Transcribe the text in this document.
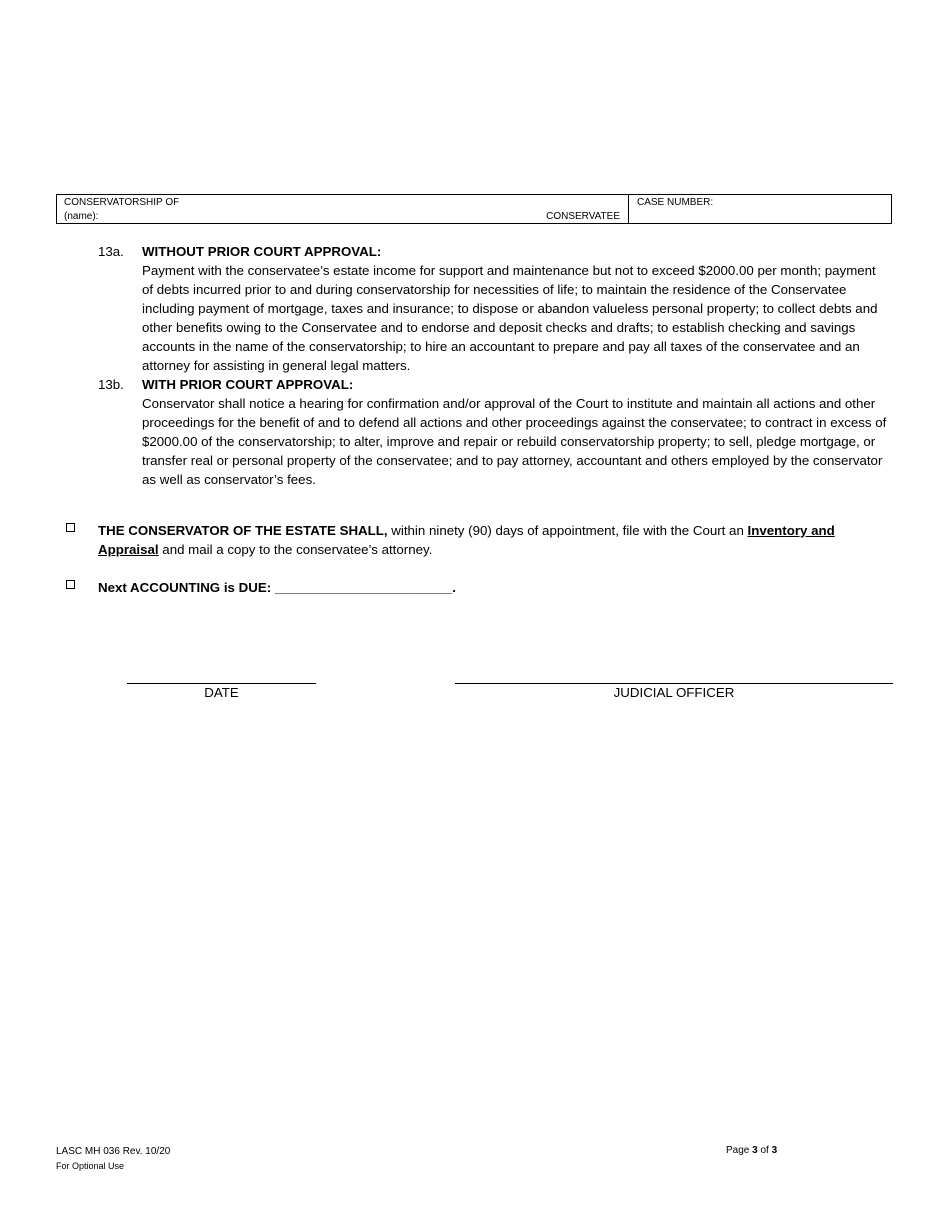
CONSERVATORSHIP OF
(name):	CONSERVATEE
CASE NUMBER:
13a. WITHOUT PRIOR COURT APPROVAL:
Payment with the conservatee’s estate income for support and maintenance but not to exceed $2000.00 per month; payment of debts incurred prior to and during conservatorship for necessities of life; to maintain the residence of the Conservatee including payment of mortgage, taxes and insurance; to dispose or abandon valueless personal property; to collect debts and other benefits owing to the Conservatee and to endorse and deposit checks and drafts; to establish checking and savings accounts in the name of the conservatorship; to hire an accountant to prepare and pay all taxes of the conservatee and an attorney for assisting in general legal matters.
13b. WITH PRIOR COURT APPROVAL:
Conservator shall notice a hearing for confirmation and/or approval of the Court to institute and maintain all actions and other proceedings for the benefit of and to defend all actions and other proceedings against the conservatee; to contract in excess of $2000.00 of the conservatorship; to alter, improve and repair or rebuild conservatorship property; to sell, pledge mortgage, or transfer real or personal property of the conservatee; and to pay attorney, accountant and others employed by the conservator as well as conservator’s fees.
THE CONSERVATOR OF THE ESTATE SHALL, within ninety (90) days of appointment, file with the Court an Inventory and Appraisal and mail a copy to the conservatee’s attorney.
Next ACCOUNTING is DUE: ________________________.
DATE	JUDICIAL OFFICER
LASC MH 036 Rev. 10/20
For Optional Use
Page 3 of 3
